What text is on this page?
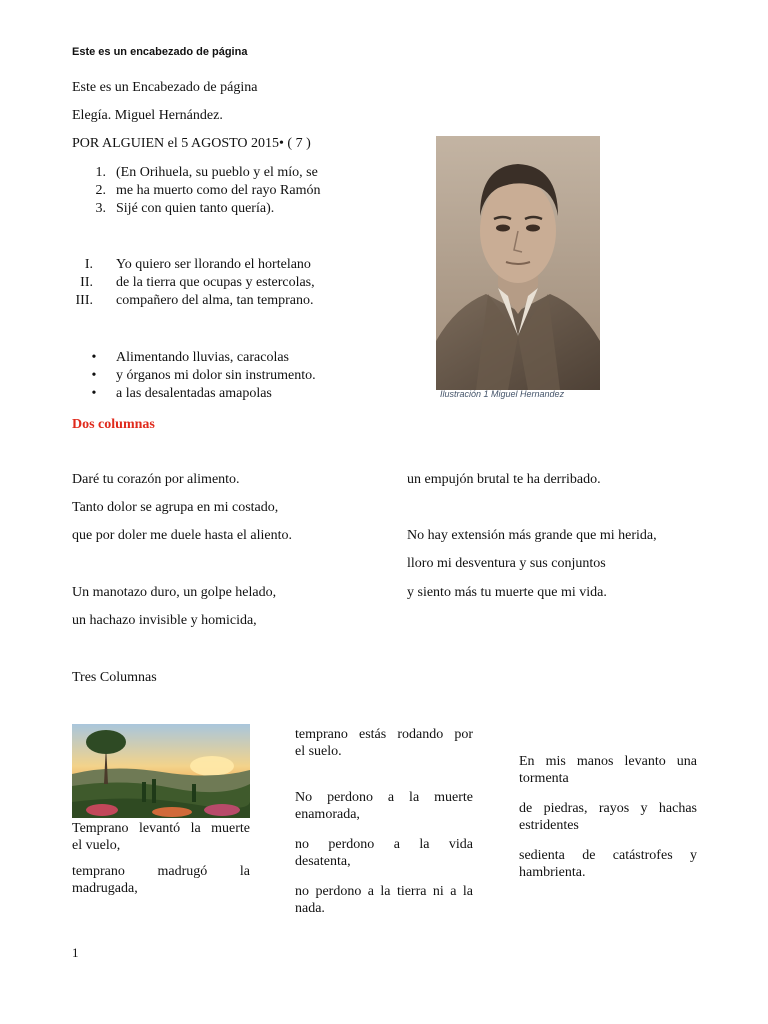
Este es un encabezado de página
Este es un Encabezado de página
Elegía. Miguel Hernández.
POR ALGUIEN el 5 AGOSTO 2015• ( 7 )
1. (En Orihuela, su pueblo y el mío, se
2. me ha muerto como del rayo Ramón
3. Sijé con quien tanto quería).
I.	Yo quiero ser llorando el hortelano
II.	de la tierra que ocupas y estercolas,
III.	compañero del alma, tan temprano.
•	Alimentando lluvias, caracolas
•	y órganos mi dolor sin instrumento.
•	a las desalentadas amapolas	Ilustración 1 Miguel Hernandez
Dos columnas
Daré tu corazón por alimento.
Tanto dolor se agrupa en mi costado,
que por doler me duele hasta el aliento.
Un manotazo duro, un golpe helado,
un hachazo invisible y homicida,
un empujón brutal te ha derribado.
No hay extensión más grande que mi herida,
lloro mi desventura y sus conjuntos
y siento más tu muerte que mi vida.
Tres Columnas
Temprano levantó la muerte
el vuelo,
temprano madrugó la
madrugada,
temprano estás rodando por
el suelo.
No perdono a la muerte
enamorada,
no perdono a la vida
desatenta,
no perdono a la tierra ni a la
nada.
En mis manos levanto una
tormenta
de piedras, rayos y hachas
estridentes
sedienta de catástrofes y
hambrienta.
1
